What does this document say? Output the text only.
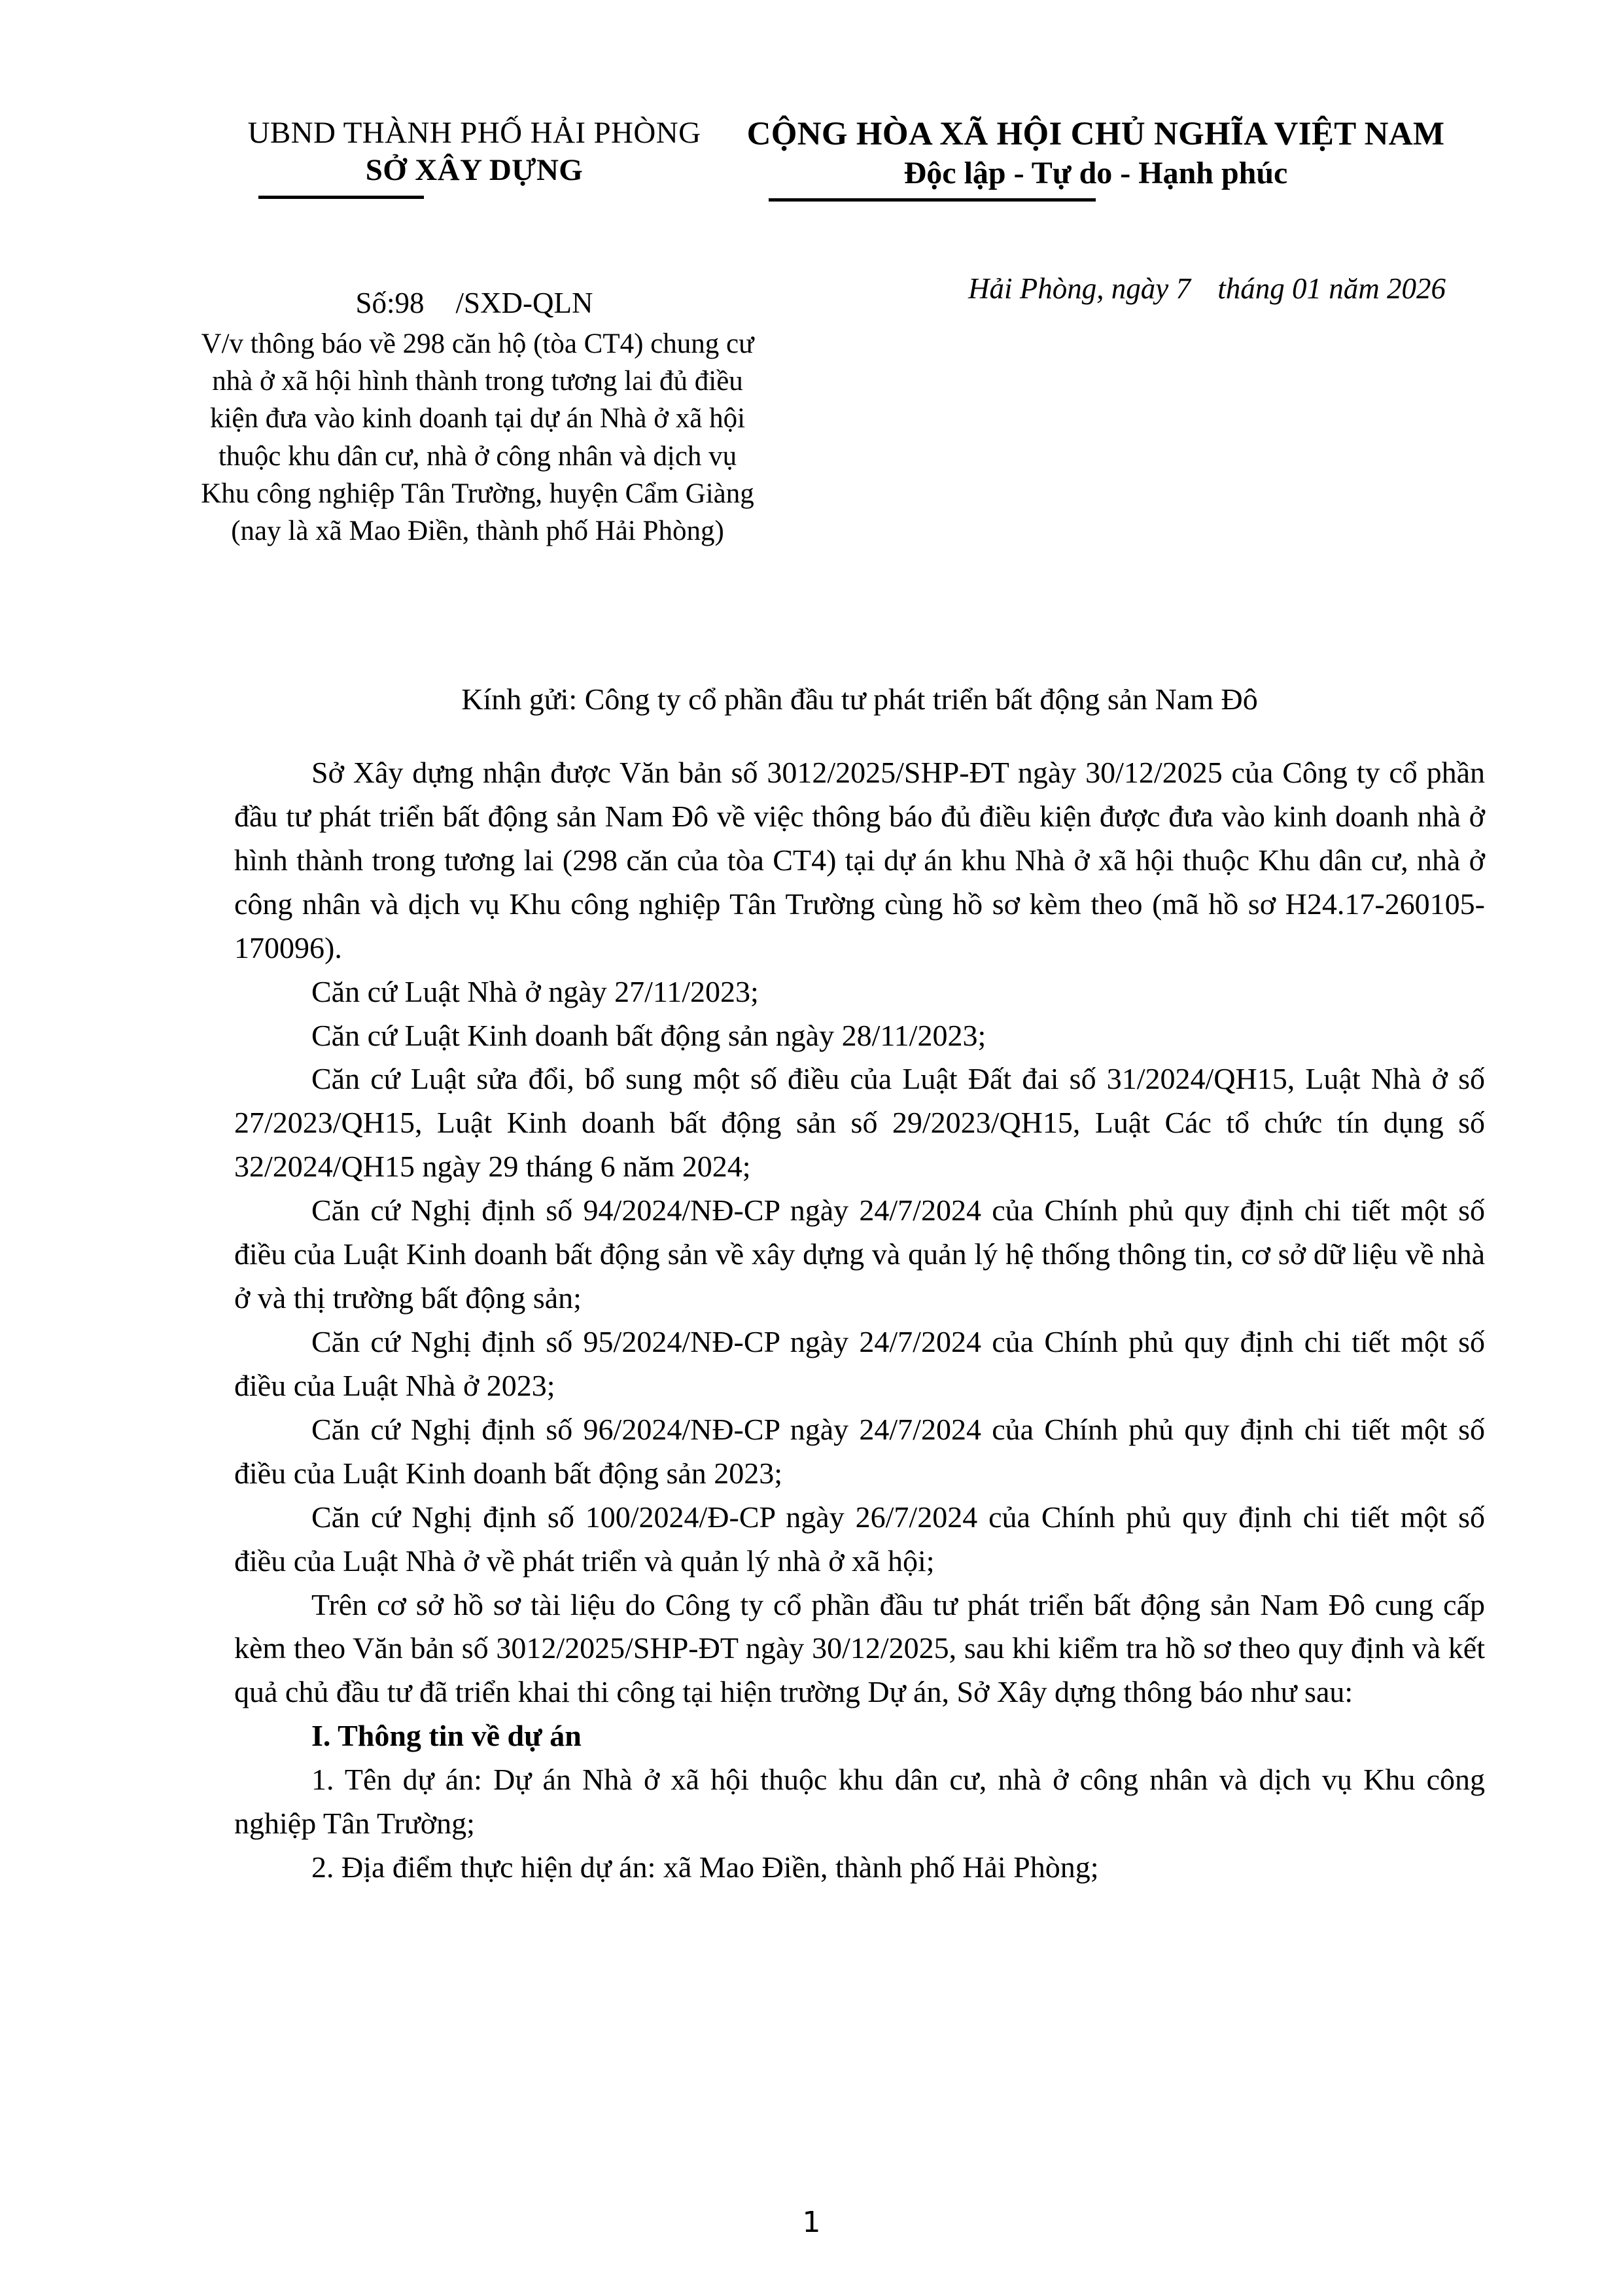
UBND THÀNH PHỐ HẢI PHÒNG
SỞ XÂY DỰNG
CỘNG HÒA XÃ HỘI CHỦ NGHĨA VIỆT NAM
Độc lập - Tự do - Hạnh phúc
Số:98 /SXD-QLN
V/v thông báo về 298 căn hộ (tòa CT4) chung cư nhà ở xã hội hình thành trong tương lai đủ điều kiện đưa vào kinh doanh tại dự án Nhà ở xã hội thuộc khu dân cư, nhà ở công nhân và dịch vụ Khu công nghiệp Tân Trường, huyện Cẩm Giàng (nay là xã Mao Điền, thành phố Hải Phòng)
Hải Phòng, ngày 7 tháng 01 năm 2026
Kính gửi: Công ty cổ phần đầu tư phát triển bất động sản Nam Đô

Sở Xây dựng nhận được Văn bản số 3012/2025/SHP-ĐT ngày 30/12/2025 của Công ty cổ phần đầu tư phát triển bất động sản Nam Đô về việc thông báo đủ điều kiện được đưa vào kinh doanh nhà ở hình thành trong tương lai (298 căn của tòa CT4) tại dự án khu Nhà ở xã hội thuộc Khu dân cư, nhà ở công nhân và dịch vụ Khu công nghiệp Tân Trường cùng hồ sơ kèm theo (mã hồ sơ H24.17-260105-170096).

Căn cứ Luật Nhà ở ngày 27/11/2023;

Căn cứ Luật Kinh doanh bất động sản ngày 28/11/2023;

Căn cứ Luật sửa đổi, bổ sung một số điều của Luật Đất đai số 31/2024/QH15, Luật Nhà ở số 27/2023/QH15, Luật Kinh doanh bất động sản số 29/2023/QH15, Luật Các tổ chức tín dụng số 32/2024/QH15 ngày 29 tháng 6 năm 2024;

Căn cứ Nghị định số 94/2024/NĐ-CP ngày 24/7/2024 của Chính phủ quy định chi tiết một số điều của Luật Kinh doanh bất động sản về xây dựng và quản lý hệ thống thông tin, cơ sở dữ liệu về nhà ở và thị trường bất động sản;

Căn cứ Nghị định số 95/2024/NĐ-CP ngày 24/7/2024 của Chính phủ quy định chi tiết một số điều của Luật Nhà ở 2023;

Căn cứ Nghị định số 96/2024/NĐ-CP ngày 24/7/2024 của Chính phủ quy định chi tiết một số điều của Luật Kinh doanh bất động sản 2023;

Căn cứ Nghị định số 100/2024/Đ-CP ngày 26/7/2024 của Chính phủ quy định chi tiết một số điều của Luật Nhà ở về phát triển và quản lý nhà ở xã hội;

Trên cơ sở hồ sơ tài liệu do Công ty cổ phần đầu tư phát triển bất động sản Nam Đô cung cấp kèm theo Văn bản số 3012/2025/SHP-ĐT ngày 30/12/2025, sau khi kiểm tra hồ sơ theo quy định và kết quả chủ đầu tư đã triển khai thi công tại hiện trường Dự án, Sở Xây dựng thông báo như sau:

I. Thông tin về dự án

1. Tên dự án: Dự án Nhà ở xã hội thuộc khu dân cư, nhà ở công nhân và dịch vụ Khu công nghiệp Tân Trường;

2. Địa điểm thực hiện dự án: xã Mao Điền, thành phố Hải Phòng;

1
